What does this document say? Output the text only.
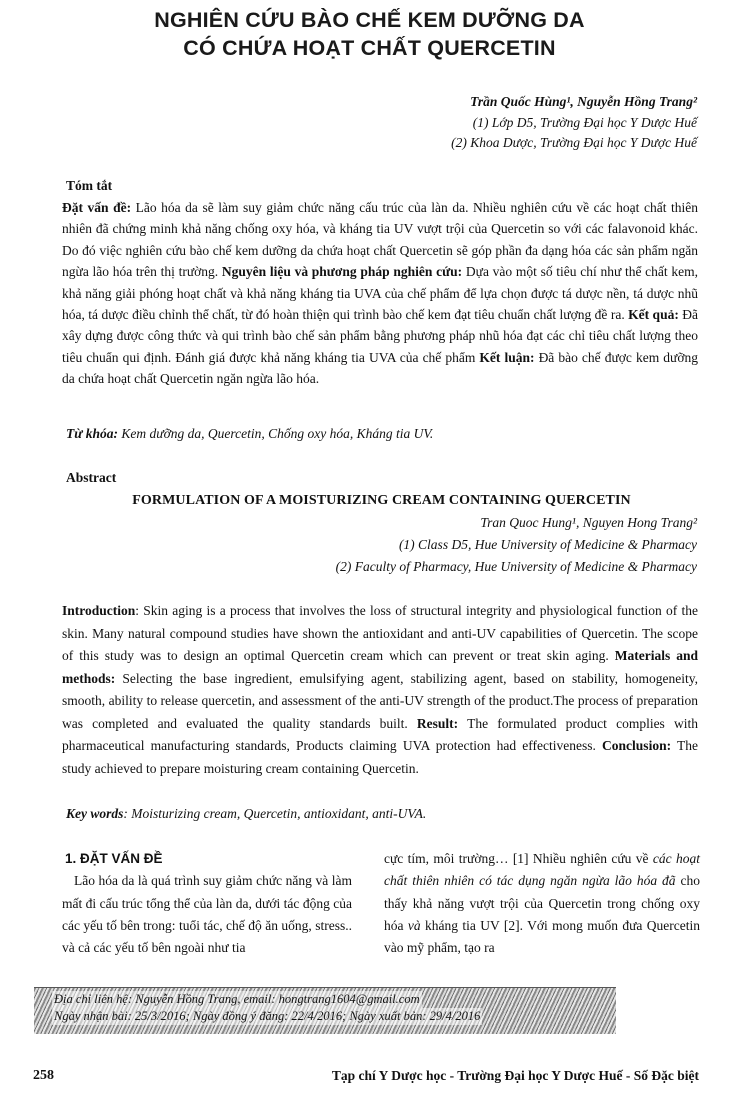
NGHIÊN CỨU BÀO CHẾ KEM DƯỠNG DA
CÓ CHỨA HOẠT CHẤT QUERCETIN
Trần Quốc Hùng¹, Nguyễn Hồng Trang²
(1) Lớp D5, Trường Đại học Y Dược Huế
(2) Khoa Dược, Trường Đại học Y Dược Huế
Tóm tắt
Đặt vấn đề: Lão hóa da sẽ làm suy giảm chức năng cấu trúc của làn da. Nhiều nghiên cứu về các hoạt chất thiên nhiên đã chứng minh khả năng chống oxy hóa, và kháng tia UV vượt trội của Quercetin so với các falavonoid khác. Do đó việc nghiên cứu bào chế kem dưỡng da chứa hoạt chất Quercetin sẽ góp phần đa dạng hóa các sản phẩm ngăn ngừa lão hóa trên thị trường. Nguyên liệu và phương pháp nghiên cứu: Dựa vào một số tiêu chí như thể chất kem, khả năng giải phóng hoạt chất và khả năng kháng tia UVA của chế phẩm để lựa chọn được tá dược nền, tá dược nhũ hóa, tá dược điều chỉnh thể chất, từ đó hoàn thiện qui trình bào chế kem đạt tiêu chuẩn chất lượng đề ra. Kết quả: Đã xây dựng được công thức và qui trình bào chế sản phẩm bằng phương pháp nhũ hóa đạt các chỉ tiêu chất lượng theo tiêu chuẩn qui định. Đánh giá được khả năng kháng tia UVA của chế phẩm Kết luận: Đã bào chế được kem dưỡng da chứa hoạt chất Quercetin ngăn ngừa lão hóa.
Từ khóa: Kem dưỡng da, Quercetin, Chống oxy hóa, Kháng tia UV.
Abstract
FORMULATION OF A MOISTURIZING CREAM CONTAINING QUERCETIN
Tran Quoc Hung¹, Nguyen Hong Trang²
(1) Class D5, Hue University of Medicine & Pharmacy
(2) Faculty of Pharmacy, Hue University of Medicine & Pharmacy
Introduction: Skin aging is a process that involves the loss of structural integrity and physiological function of the skin. Many natural compound studies have shown the antioxidant and anti-UV capabilities of Quercetin. The scope of this study was to design an optimal Quercetin cream which can prevent or treat skin aging. Materials and methods: Selecting the base ingredient, emulsifying agent, stabilizing agent, based on stability, homogeneity, smooth, ability to release quercetin, and assessment of the anti-UV strength of the product.The process of preparation was completed and evaluated the quality standards built. Result: The formulated product complies with pharmaceutical manufacturing standards, Products claiming UVA protection had effectiveness. Conclusion: The study achieved to prepare moisturing cream containing Quercetin.
Key words: Moisturizing cream, Quercetin, antioxidant, anti-UVA.
1. ĐẶT VẤN ĐỀ

Lão hóa da là quá trình suy giảm chức năng và làm mất đi cấu trúc tổng thể của làn da, dưới tác động của các yếu tố bên trong: tuổi tác, chế độ ăn uống, stress.. và cả các yếu tố bên ngoài như tia

cực tím, môi trường… [1] Nhiều nghiên cứu về các hoạt chất thiên nhiên có tác dụng ngăn ngừa lão hóa đã cho thấy khả năng vượt trội của Quercetin trong chống oxy hóa và kháng tia UV [2]. Với mong muốn đưa Quercetin vào mỹ phẩm, tạo ra

Địa chỉ liên hệ: Nguyễn Hồng Trang, email: hongtrang1604@gmail.com
Ngày nhận bài: 25/3/2016; Ngày đồng ý đăng: 22/4/2016; Ngày xuất bản: 29/4/2016
258	Tạp chí Y Dược học - Trường Đại học Y Dược Huế - Số Đặc biệt
